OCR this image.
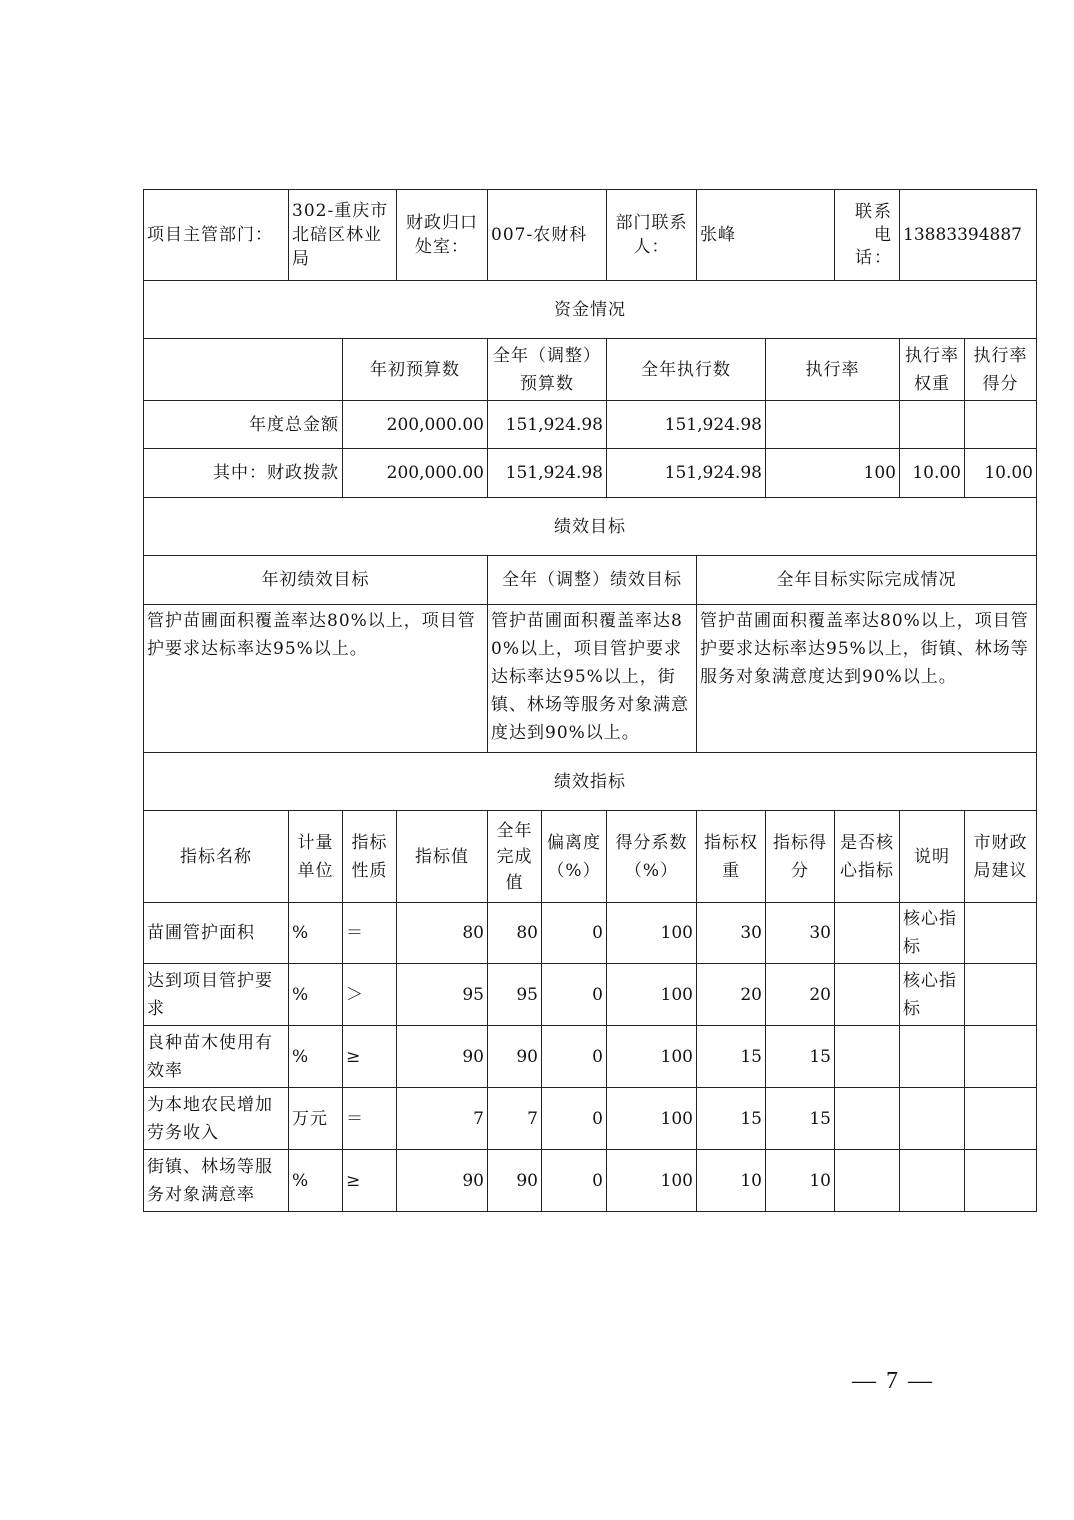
项目主管部门：	302-重庆市北碚区林业局		财政归口处室：	007-农财科		部门联系人：	张峰		联系电话：	13883394887	
资金情况											
		年初预算数		全年（调整）预算数		全年执行数		执行率		执行率权重	执行率得分
年度总金额		200,000.00		151,924.98		151,924.98					
其中：财政拨款		200,000.00		151,924.98		151,924.98		100		10.00	10.00
绩效目标											
年初绩效目标				全年（调整）绩效目标			全年目标实际完成情况				
管护苗圃面积覆盖率达80%以上，项目管护要求达标率达95%以上。				管护苗圃面积覆盖率达80%以上，项目管护要求达标率达95%以上，街镇、林场等服务对象满意度达到90%以上。			管护苗圃面积覆盖率达80%以上，项目管护要求达标率达95%以上，街镇、林场等服务对象满意度达到90%以上。				
绩效指标											
指标名称	计量单位	指标性质	指标值	全年完成值	偏离度（%）	得分系数（%）	指标权重	指标得分	是否核心指标	说明	市财政局建议
苗圃管护面积	%	＝	80	80	0	100	30	30		核心指标	
达到项目管护要求	%	＞	95	95	0	100	20	20		核心指标	
良种苗木使用有效率	%	≥	90	90	0	100	15	15			
为本地农民增加劳务收入	万元	＝	7	7	0	100	15	15			
街镇、林场等服务对象满意率	%	≥	90	90	0	100	10	10			
— 7 —
